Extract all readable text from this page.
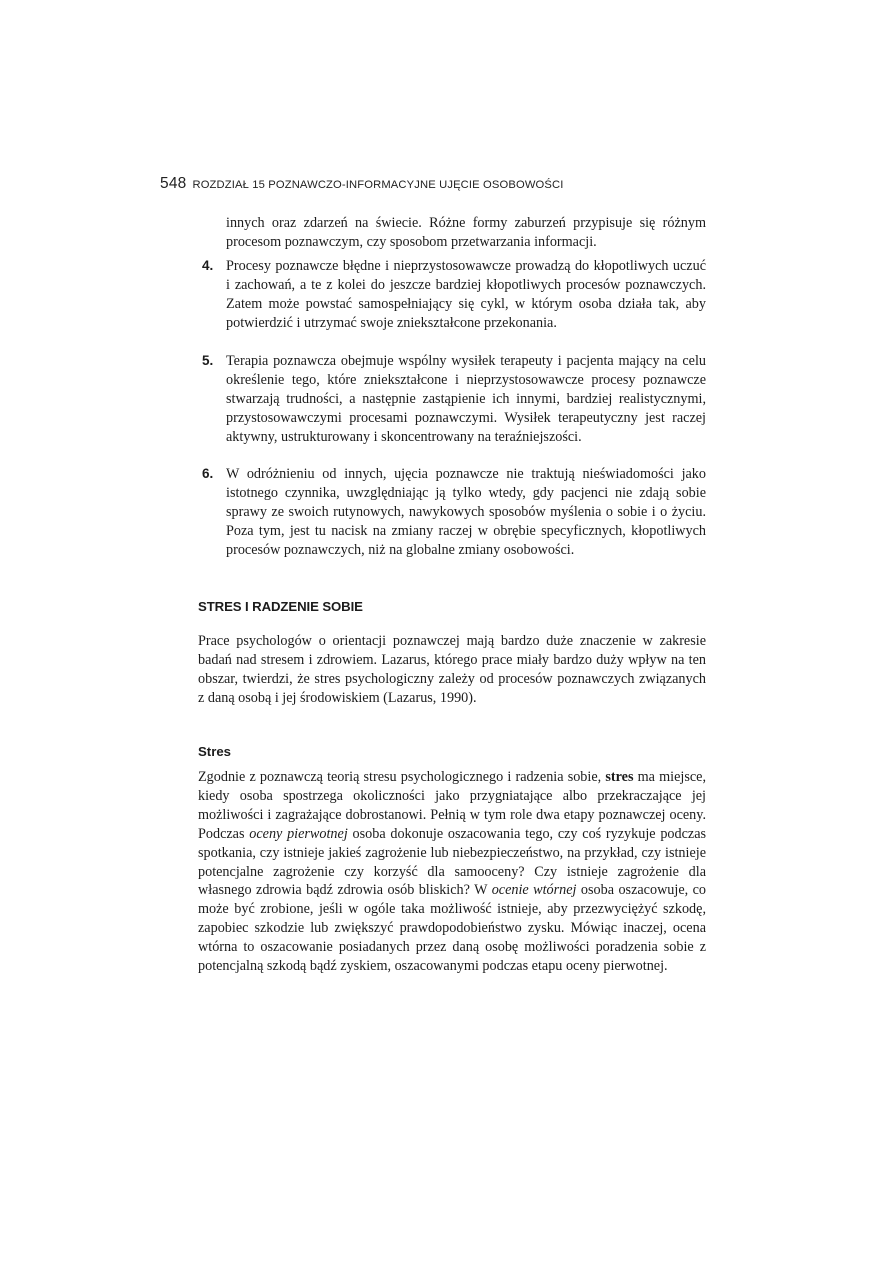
548 ROZDZIAŁ 15 POZNAWCZO-INFORMACYJNE UJĘCIE OSOBOWOŚCI

innych oraz zdarzeń na świecie. Różne formy zaburzeń przypisuje się różnym procesom poznawczym, czy sposobom przetwarzania informacji.

4. Procesy poznawcze błędne i nieprzystosowawcze prowadzą do kłopotliwych uczuć i zachowań, a te z kolei do jeszcze bardziej kłopotliwych procesów poznawczych. Zatem może powstać samospełniający się cykl, w którym osoba działa tak, aby potwierdzić i utrzymać swoje zniekształcone przekonania.
5. Terapia poznawcza obejmuje wspólny wysiłek terapeuty i pacjenta mający na celu określenie tego, które zniekształcone i nieprzystosowawcze procesy poznawcze stwarzają trudności, a następnie zastąpienie ich innymi, bardziej realistycznymi, przystosowawczymi procesami poznawczymi. Wysiłek terapeutyczny jest raczej aktywny, ustrukturowany i skoncentrowany na teraźniejszości.
6. W odróżnieniu od innych, ujęcia poznawcze nie traktują nieświadomości jako istotnego czynnika, uwzględniając ją tylko wtedy, gdy pacjenci nie zdają sobie sprawy ze swoich rutynowych, nawykowych sposobów myślenia o sobie i o życiu. Poza tym, jest tu nacisk na zmiany raczej w obrębie specyficznych, kłopotliwych procesów poznawczych, niż na globalne zmiany osobowości.
STRES I RADZENIE SOBIE

Prace psychologów o orientacji poznawczej mają bardzo duże znaczenie w zakresie badań nad stresem i zdrowiem. Lazarus, którego prace miały bardzo duży wpływ na ten obszar, twierdzi, że stres psychologiczny zależy od procesów poznawczych związanych z daną osobą i jej środowiskiem (Lazarus, 1990).

Stres

Zgodnie z poznawczą teorią stresu psychologicznego i radzenia sobie, stres ma miejsce, kiedy osoba spostrzega okoliczności jako przygniatające albo przekraczające jej możliwości i zagrażające dobrostanowi. Pełnią w tym role dwa etapy poznawczej oceny. Podczas oceny pierwotnej osoba dokonuje oszacowania tego, czy coś ryzykuje podczas spotkania, czy istnieje jakieś zagrożenie lub niebezpieczeństwo, na przykład, czy istnieje potencjalne zagrożenie czy korzyść dla samooceny? Czy istnieje zagrożenie dla własnego zdrowia bądź zdrowia osób bliskich? W ocenie wtórnej osoba oszacowuje, co może być zrobione, jeśli w ogóle taka możliwość istnieje, aby przezwyciężyć szkodę, zapobiec szkodzie lub zwiększyć prawdopodobieństwo zysku. Mówiąc inaczej, ocena wtórna to oszacowanie posiadanych przez daną osobę możliwości poradzenia sobie z potencjalną szkodą bądź zyskiem, oszacowanymi podczas etapu oceny pierwotnej.
